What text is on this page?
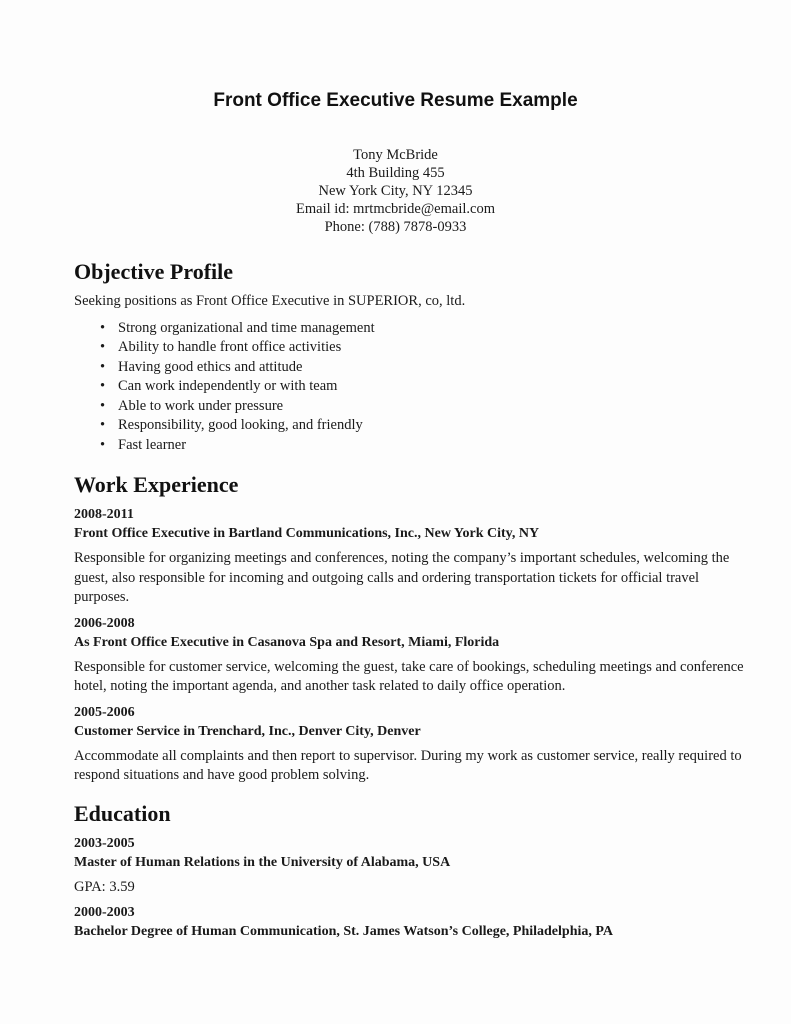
Front Office Executive Resume Example
Tony McBride
4th Building 455
New York City, NY 12345
Email id: mrtmcbride@email.com
Phone: (788) 7878-0933
Objective Profile

Seeking positions as Front Office Executive in SUPERIOR, co, ltd.

• Strong organizational and time management
• Ability to handle front office activities
• Having good ethics and attitude
• Can work independently or with team
• Able to work under pressure
• Responsibility, good looking, and friendly
• Fast learner
Work Experience

2008-2011

Front Office Executive in Bartland Communications, Inc., New York City, NY

Responsible for organizing meetings and conferences, noting the company’s important schedules, welcoming the guest, also responsible for incoming and outgoing calls and ordering transportation tickets for official travel purposes.

2006-2008

As Front Office Executive in Casanova Spa and Resort, Miami, Florida

Responsible for customer service, welcoming the guest, take care of bookings, scheduling meetings and conference hotel, noting the important agenda, and another task related to daily office operation.

2005-2006

Customer Service in Trenchard, Inc., Denver City, Denver

Accommodate all complaints and then report to supervisor. During my work as customer service, really required to respond situations and have good problem solving.

Education

2003-2005

Master of Human Relations in the University of Alabama, USA

GPA: 3.59

2000-2003

Bachelor Degree of Human Communication, St. James Watson’s College, Philadelphia, PA
